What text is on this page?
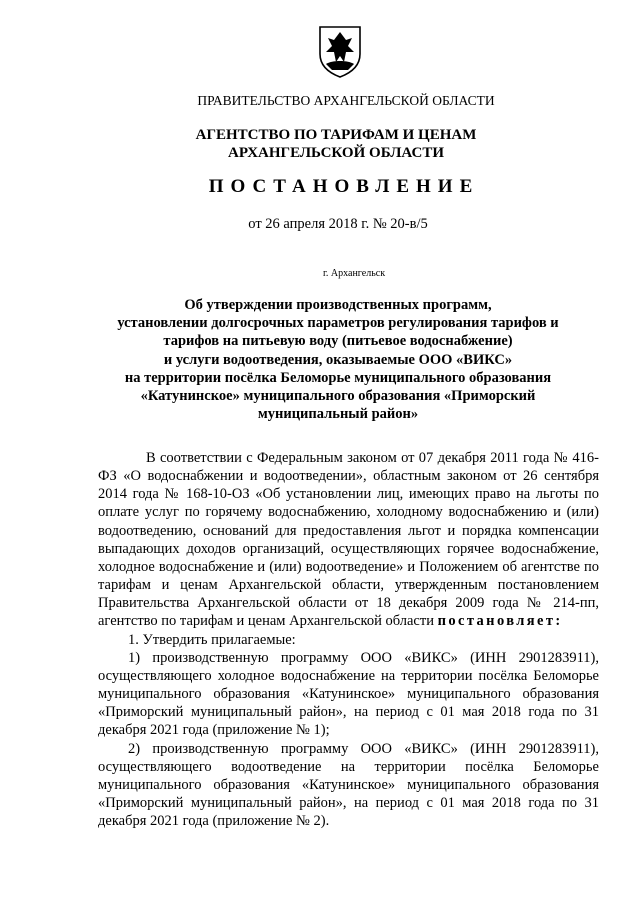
ПРАВИТЕЛЬСТВО АРХАНГЕЛЬСКОЙ ОБЛАСТИ
АГЕНТСТВО ПО ТАРИФАМ И ЦЕНАМ
АРХАНГЕЛЬСКОЙ ОБЛАСТИ
ПОСТАНОВЛЕНИЕ
от 26 апреля 2018 г. № 20-в/5
г. Архангельск
Об утверждении производственных программ,
установлении долгосрочных параметров регулирования тарифов и
тарифов на питьевую воду (питьевое водоснабжение)
и услуги водоотведения, оказываемые ООО «ВИКС»
на территории посёлка Беломорье муниципального образования
«Катунинское» муниципального образования «Приморский
муниципальный район»

В соответствии с Федеральным законом от 07 декабря 2011 года № 416-ФЗ «О водоснабжении и водоотведении», областным законом от 26 сентября 2014 года № 168-10-ОЗ «Об установлении лиц, имеющих право на льготы по оплате услуг по горячему водоснабжению, холодному водоснабжению и (или) водоотведению, оснований для предоставления льгот и порядка компенсации выпадающих доходов организаций, осуществляющих горячее водоснабжение, холодное водоснабжение и (или) водоотведение» и Положением об агентстве по тарифам и ценам Архангельской области, утвержденным постановлением Правительства Архангельской области от 18 декабря 2009 года № 214-пп, агентство по тарифам и ценам Архангельской области постановляет:

1. Утвердить прилагаемые:

1) производственную программу ООО «ВИКС» (ИНН 2901283911), осуществляющего холодное водоснабжение на территории посёлка Беломорье муниципального образования «Катунинское» муниципального образования «Приморский муниципальный район», на период с 01 мая 2018 года по 31 декабря 2021 года (приложение № 1);

2) производственную программу ООО «ВИКС» (ИНН 2901283911), осуществляющего водоотведение на территории посёлка Беломорье муниципального образования «Катунинское» муниципального образования «Приморский муниципальный район», на период с 01 мая 2018 года по 31 декабря 2021 года (приложение № 2).
